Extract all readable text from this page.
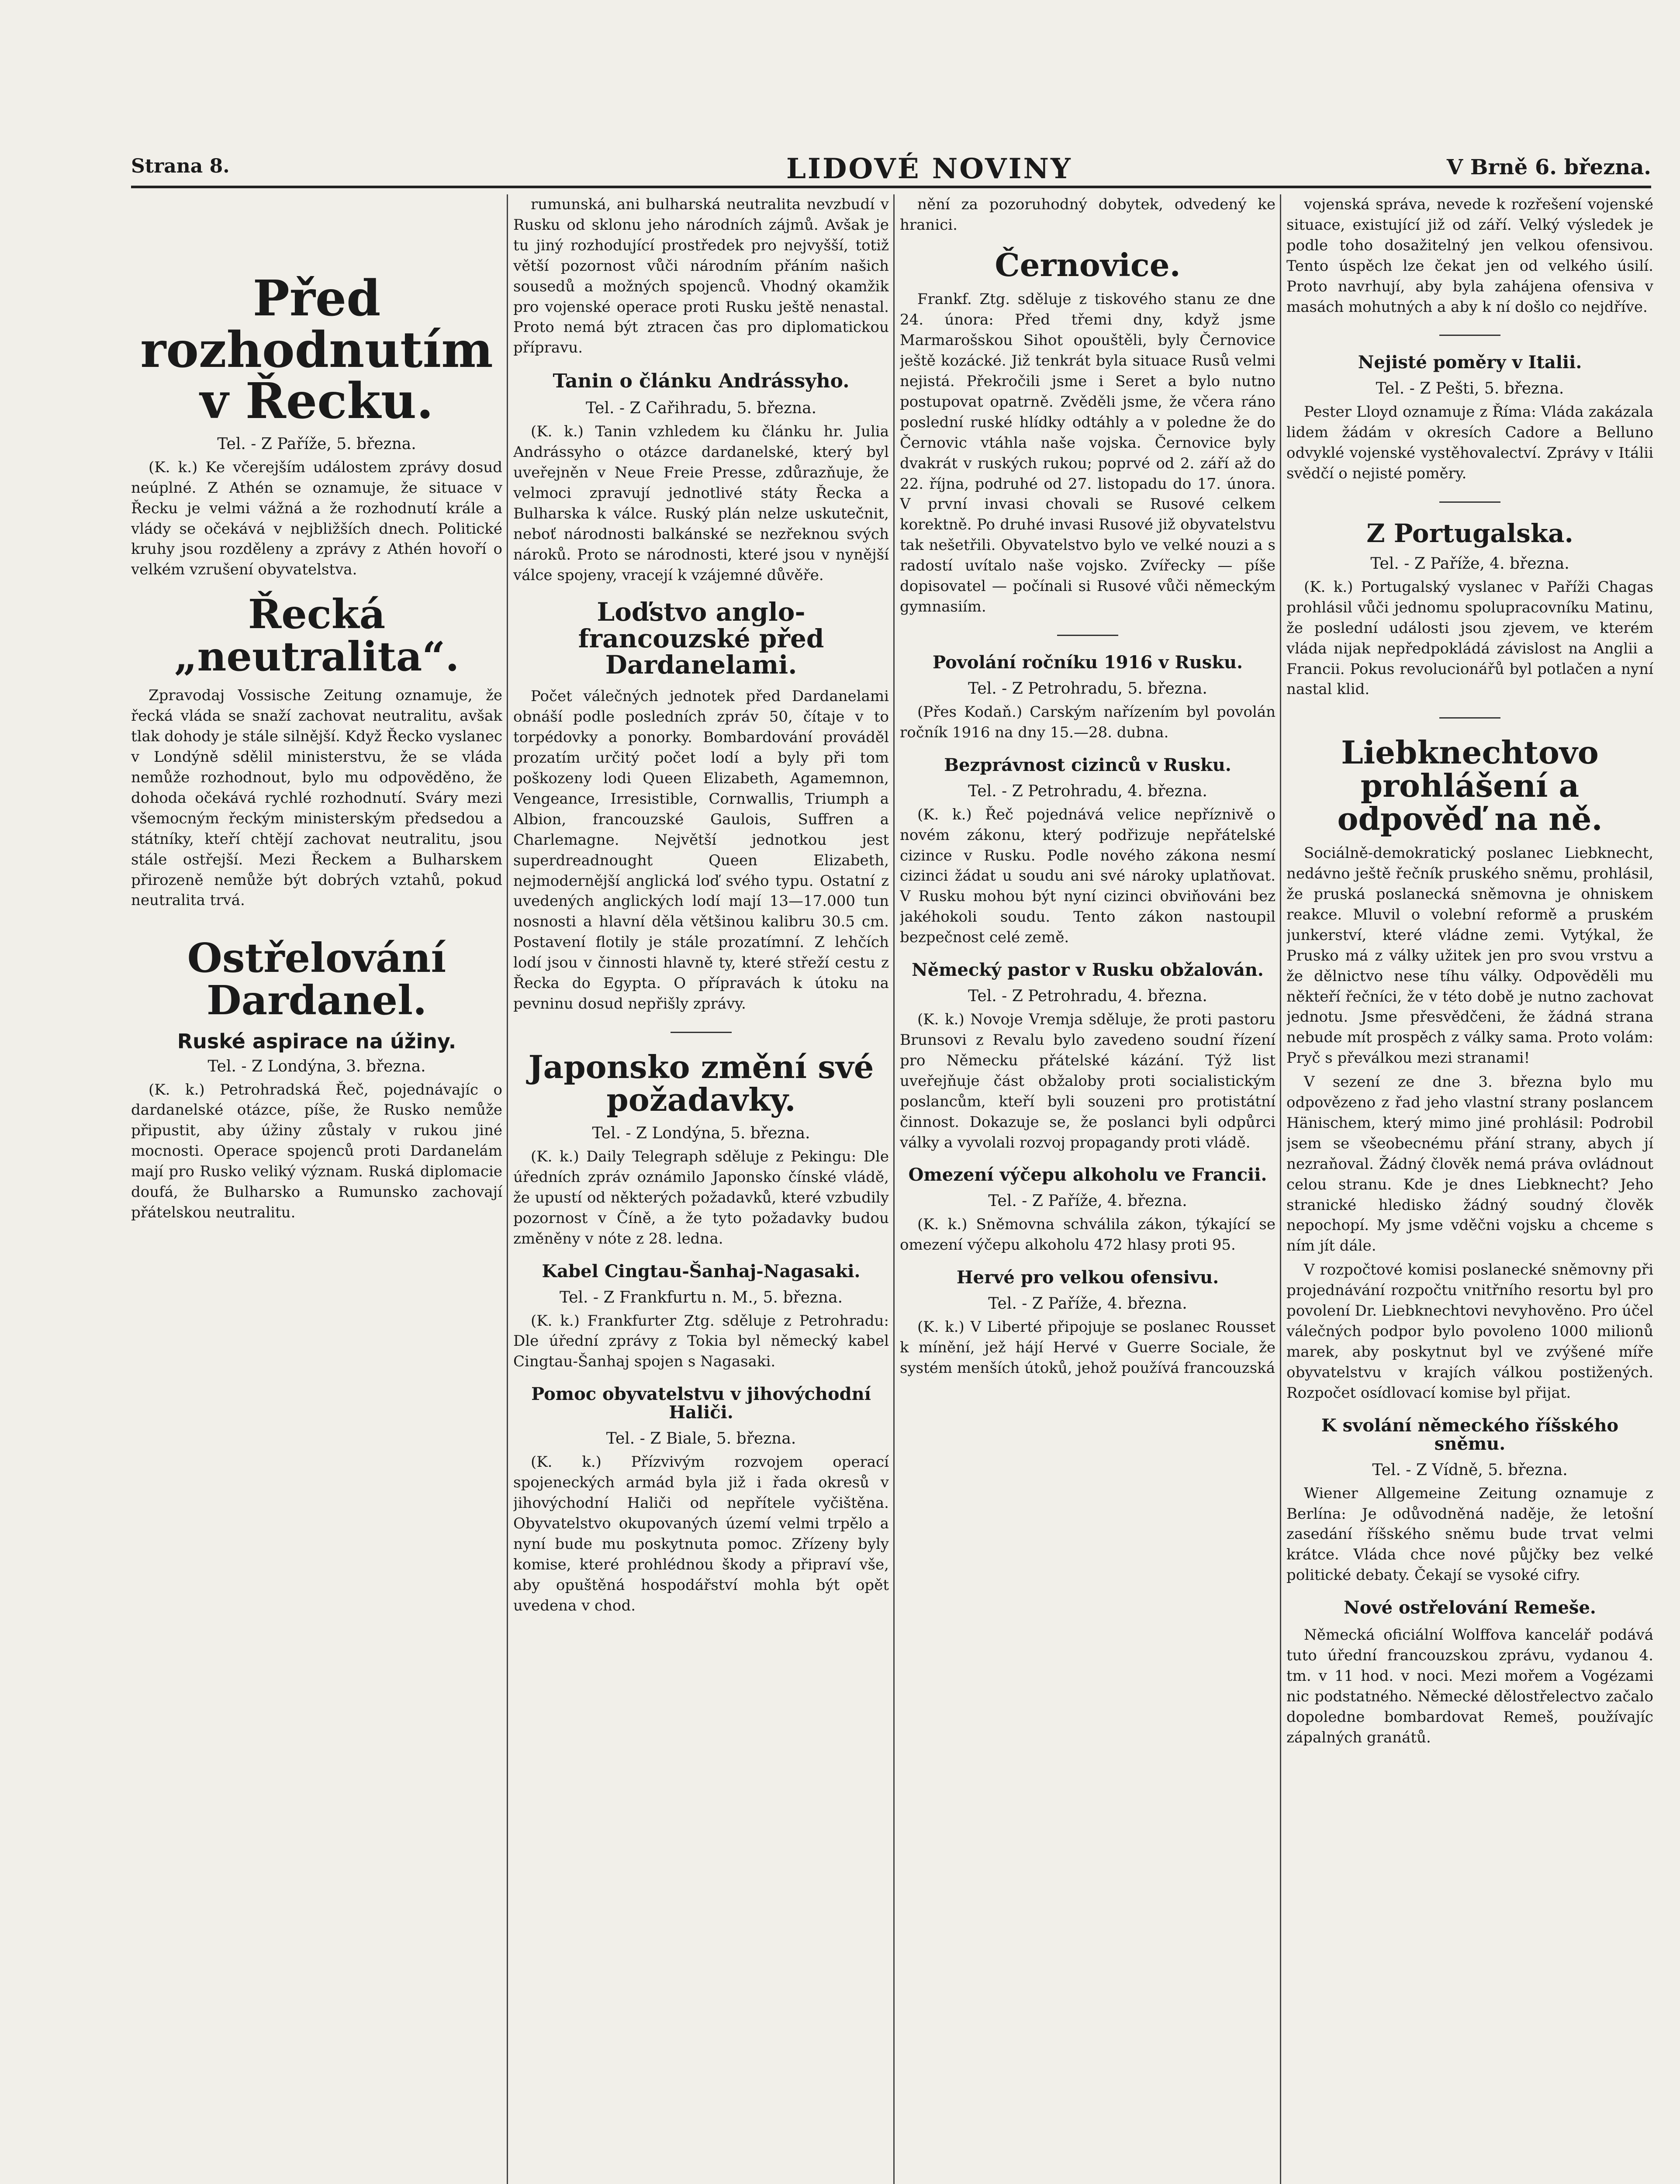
Strana 8.	LIDOVÉ NOVINY	V Brně 6. března.
Před rozhodnutím v Řecku.
Tel. - Z Paříže, 5. března.

(K. k.) Ke včerejším událostem zprávy dosud neúplné. Z Athén se oznamuje, že situace v Řecku je velmi vážná a že rozhodnutí krále a vlády se očekává v nejbližších dnech. Politické kruhy jsou rozděleny a zprávy z Athén hovoří o velkém vzrušení obyvatelstva.

Řecká „neutralita“.

Zpravodaj Vossische Zeitung oznamuje, že řecká vláda se snaží zachovat neutralitu, avšak tlak dohody je stále silnější. Když Řecko vyslanec v Londýně sdělil ministerstvu, že se vláda nemůže rozhodnout, bylo mu odpověděno, že dohoda očekává rychlé rozhodnutí. Sváry mezi všemocným řeckým ministerským předsedou a státníky, kteří chtějí zachovat neutralitu, jsou stále ostřejší. Mezi Řeckem a Bulharskem přirozeně nemůže být dobrých vztahů, pokud neutralita trvá.

Ostřelování Dardanel.
Ruské aspirace na úžiny.
Tel. - Z Londýna, 3. března.

(K. k.) Petrohradská Řeč, pojednávajíc o dardanelské otázce, píše, že Rusko nemůže připustit, aby úžiny zůstaly v rukou jiné mocnosti. Operace spojenců proti Dardanelám mají pro Rusko veliký význam. Ruská diplomacie doufá, že Bulharsko a Rumunsko zachovají přátelskou neutralitu.

rumunská, ani bulharská neutralita nevzbudí v Rusku od sklonu jeho národních zájmů. Avšak je tu jiný rozhodující prostředek pro nejvyšší, totiž větší pozornost vůči národním přáním našich sousedů a možných spojenců. Vhodný okamžik pro vojenské operace proti Rusku ještě nenastal. Proto nemá být ztracen čas pro diplomatickou přípravu.

Tanin o článku Andrássyho.
Tel. - Z Cařihradu, 5. března.

(K. k.) Tanin vzhledem ku článku hr. Julia Andrássyho o otázce dardanelské, který byl uveřejněn v Neue Freie Presse, zdůrazňuje, že velmoci zpravují jednotlivé státy Řecka a Bulharska k válce. Ruský plán nelze uskutečnit, neboť národnosti balkánské se nezřeknou svých nároků. Proto se národnosti, které jsou v nynější válce spojeny, vracejí k vzájemné důvěře.

Loďstvo anglo-francouzské před Dardanelami.

Počet válečných jednotek před Dardanelami obnáší podle posledních zpráv 50, čítaje v to torpédovky a ponorky. Bombardování prováděl prozatím určitý počet lodí a byly při tom poškozeny lodi Queen Elizabeth, Agamemnon, Vengeance, Irresistible, Cornwallis, Triumph a Albion, francouzské Gaulois, Suffren a Charlemagne. Největší jednotkou jest superdreadnought Queen Elizabeth, nejmodernější anglická loď svého typu. Ostatní z uvedených anglických lodí mají 13—17.000 tun nosnosti a hlavní děla většinou kalibru 30.5 cm. Postavení flotily je stále prozatímní. Z lehčích lodí jsou v činnosti hlavně ty, které střeží cestu z Řecka do Egypta. O přípravách k útoku na pevninu dosud nepřišly zprávy.

Japonsko změní své požadavky.
Tel. - Z Londýna, 5. března.

(K. k.) Daily Telegraph sděluje z Pekingu: Dle úředních zpráv oznámilo Japonsko čínské vládě, že upustí od některých požadavků, které vzbudily pozornost v Číně, a že tyto požadavky budou změněny v nóte z 28. ledna.

Kabel Cingtau-Šanhaj-Nagasaki.
Tel. - Z Frankfurtu n. M., 5. března.

(K. k.) Frankfurter Ztg. sděluje z Petrohradu: Dle úřední zprávy z Tokia byl německý kabel Cingtau-Šanhaj spojen s Nagasaki.

Pomoc obyvatelstvu v jihovýchodní Haliči.
Tel. - Z Biale, 5. března.

(K. k.) Přízvivým rozvojem operací spojeneckých armád byla již i řada okresů v jihovýchodní Haliči od nepřítele vyčištěna. Obyvatelstvo okupovaných území velmi trpělo a nyní bude mu poskytnuta pomoc. Zřízeny byly komise, které prohlédnou škody a připraví vše, aby opuštěná hospodářství mohla být opět uvedena v chod.

nění za pozoruhodný dobytek, odvedený ke hranici.

Černovice.

Frankf. Ztg. sděluje z tiskového stanu ze dne 24. února: Před třemi dny, když jsme Marmarošskou Sihot opouštěli, byly Černovice ještě kozácké. Již tenkrát byla situace Rusů velmi nejistá. Překročili jsme i Seret a bylo nutno postupovat opatrně. Zvěděli jsme, že včera ráno poslední ruské hlídky odtáhly a v poledne že do Černovic vtáhla naše vojska. Černovice byly dvakrát v ruských rukou; poprvé od 2. září až do 22. října, podruhé od 27. listopadu do 17. února. V první invasi chovali se Rusové celkem korektně. Po druhé invasi Rusové již obyvatelstvu tak nešetřili. Obyvatelstvo bylo ve velké nouzi a s radostí uvítalo naše vojsko. Zvířecky — píše dopisovatel — počínali si Rusové vůči německým gymnasiím.

Povolání ročníku 1916 v Rusku.
Tel. - Z Petrohradu, 5. března.

(Přes Kodaň.) Carským nařízením byl povolán ročník 1916 na dny 15.—28. dubna.

Bezprávnost cizinců v Rusku.
Tel. - Z Petrohradu, 4. března.

(K. k.) Řeč pojednává velice nepříznivě o novém zákonu, který podřizuje nepřátelské cizince v Rusku. Podle nového zákona nesmí cizinci žádat u soudu ani své nároky uplatňovat. V Rusku mohou být nyní cizinci obviňováni bez jakéhokoli soudu. Tento zákon nastoupil bezpečnost celé země.

Německý pastor v Rusku obžalován.
Tel. - Z Petrohradu, 4. března.

(K. k.) Novoje Vremja sděluje, že proti pastoru Brunsovi z Revalu bylo zavedeno soudní řízení pro Německu přátelské kázání. Týž list uveřejňuje část obžaloby proti socialistickým poslancům, kteří byli souzeni pro protistátní činnost. Dokazuje se, že poslanci byli odpůrci války a vyvolali rozvoj propagandy proti vládě.

Omezení výčepu alkoholu ve Francii.
Tel. - Z Paříže, 4. března.

(K. k.) Sněmovna schválila zákon, týkající se omezení výčepu alkoholu 472 hlasy proti 95.

Hervé pro velkou ofensivu.
Tel. - Z Paříže, 4. března.

(K. k.) V Liberté připojuje se poslanec Rousset k mínění, jež hájí Hervé v Guerre Sociale, že systém menších útoků, jehož používá francouzská

vojenská správa, nevede k rozřešení vojenské situace, existující již od září. Velký výsledek je podle toho dosažitelný jen velkou ofensivou. Tento úspěch lze čekat jen od velkého úsilí. Proto navrhují, aby byla zahájena ofensiva v masách mohutných a aby k ní došlo co nejdříve.

Nejisté poměry v Italii.
Tel. - Z Pešti, 5. března.

Pester Lloyd oznamuje z Říma: Vláda zakázala lidem žádám v okresích Cadore a Belluno odvyklé vojenské vystěhovalectví. Zprávy v Itálii svědčí o nejisté poměry.

Z Portugalska.
Tel. - Z Paříže, 4. března.

(K. k.) Portugalský vyslanec v Paříži Chagas prohlásil vůči jednomu spolupracovníku Matinu, že poslední události jsou zjevem, ve kterém vláda nijak nepředpokládá závislost na Anglii a Francii. Pokus revolucionářů byl potlačen a nyní nastal klid.

Liebknechtovo prohlášení a odpověď na ně.

Sociálně-demokratický poslanec Liebknecht, nedávno ještě řečník pruského sněmu, prohlásil, že pruská poslanecká sněmovna je ohniskem reakce. Mluvil o volební reformě a pruském junkerství, které vládne zemi. Vytýkal, že Prusko má z války užitek jen pro svou vrstvu a že dělnictvo nese tíhu války. Odpověděli mu někteří řečníci, že v této době je nutno zachovat jednotu. Jsme přesvědčeni, že žádná strana nebude mít prospěch z války sama. Proto volám: Pryč s převálkou mezi stranami!

V sezení ze dne 3. března bylo mu odpovězeno z řad jeho vlastní strany poslancem Hänischem, který mimo jiné prohlásil: Podrobil jsem se všeobecnému přání strany, abych jí nezraňoval. Žádný člověk nemá práva ovládnout celou stranu. Kde je dnes Liebknecht? Jeho stranické hledisko žádný soudný člověk nepochopí. My jsme vděčni vojsku a chceme s ním jít dále.

V rozpočtové komisi poslanecké sněmovny při projednávání rozpočtu vnitřního resortu byl pro povolení Dr. Liebknechtovi nevyhověno. Pro účel válečných podpor bylo povoleno 1000 milionů marek, aby poskytnut byl ve zvýšené míře obyvatelstvu v krajích válkou postižených. Rozpočet osídlovací komise byl přijat.

K svolání německého říšského sněmu.
Tel. - Z Vídně, 5. března.

Wiener Allgemeine Zeitung oznamuje z Berlína: Je odůvodněná naděje, že letošní zasedání říšského sněmu bude trvat velmi krátce. Vláda chce nové půjčky bez velké politické debaty. Čekají se vysoké cifry.

Nové ostřelování Remeše.

Německá oficiální Wolffova kancelář podává tuto úřední francouzskou zprávu, vydanou 4. tm. v 11 hod. v noci. Mezi mořem a Vogézami nic podstatného. Německé dělostřelectvo začalo dopoledne bombardovat Remeš, používajíc zápalných granátů.
